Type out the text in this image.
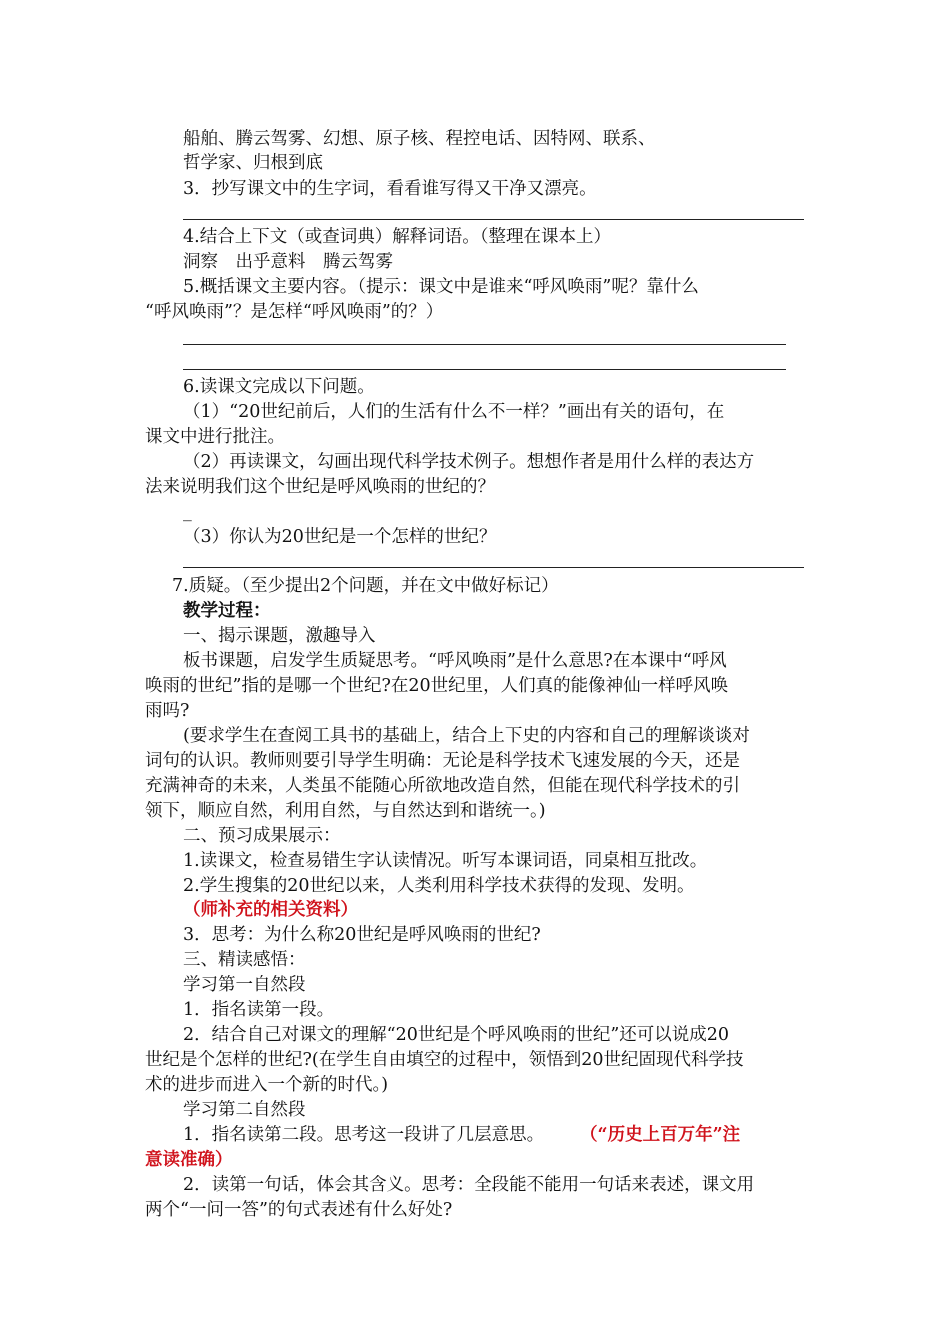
船舶、腾云驾雾、幻想、原子核、程控电话、因特网、联系、
哲学家、归根到底
3．抄写课文中的生字词，看看谁写得又干净又漂亮。
4.结合上下文（或查词典）解释词语。（整理在课本上）
洞察　出乎意料　腾云驾雾
5.概括课文主要内容。（提示：课文中是谁来“呼风唤雨”呢？靠什么
“呼风唤雨”？是怎样“呼风唤雨”的？）
6.读课文完成以下问题。
（1）“20世纪前后，人们的生活有什么不一样？”画出有关的语句，在
课文中进行批注。
（2）再读课文，勾画出现代科学技术例子。想想作者是用什么样的表达方
法来说明我们这个世纪是呼风唤雨的世纪的？
_
（3）你认为20世纪是一个怎样的世纪？
7.质疑。（至少提出2个问题，并在文中做好标记）
教学过程：
一、揭示课题，激趣导入
板书课题，启发学生质疑思考。“呼风唤雨”是什么意思?在本课中“呼风
唤雨的世纪”指的是哪一个世纪?在20世纪里，人们真的能像神仙一样呼风唤
雨吗?
(要求学生在查阅工具书的基础上，结合上下史的内容和自己的理解谈谈对
词句的认识。教师则要引导学生明确：无论是科学技术飞速发展的今天，还是
充满神奇的未来，人类虽不能随心所欲地改造自然，但能在现代科学技术的引
领下，顺应自然，利用自然，与自然达到和谐统一。)
二、预习成果展示：
1.读课文，检查易错生字认读情况。听写本课词语，同桌相互批改。
2.学生搜集的20世纪以来，人类利用科学技术获得的发现、发明。
（师补充的相关资料）
3．思考：为什么称20世纪是呼风唤雨的世纪?
三、精读感悟：
学习第一自然段
1．指名读第一段。
2．结合自己对课文的理解“20世纪是个呼风唤雨的世纪”还可以说成20
世纪是个怎样的世纪?(在学生自由填空的过程中，领悟到20世纪固现代科学技
术的进步而进入一个新的时代。)
学习第二自然段
1．指名读第二段。思考这一段讲了几层意思。 （“历史上百万年”注
意读准确）
2．读第一句话，体会其含义。思考：全段能不能用一句话来表述，课文用
两个“一问一答”的句式表述有什么好处?
